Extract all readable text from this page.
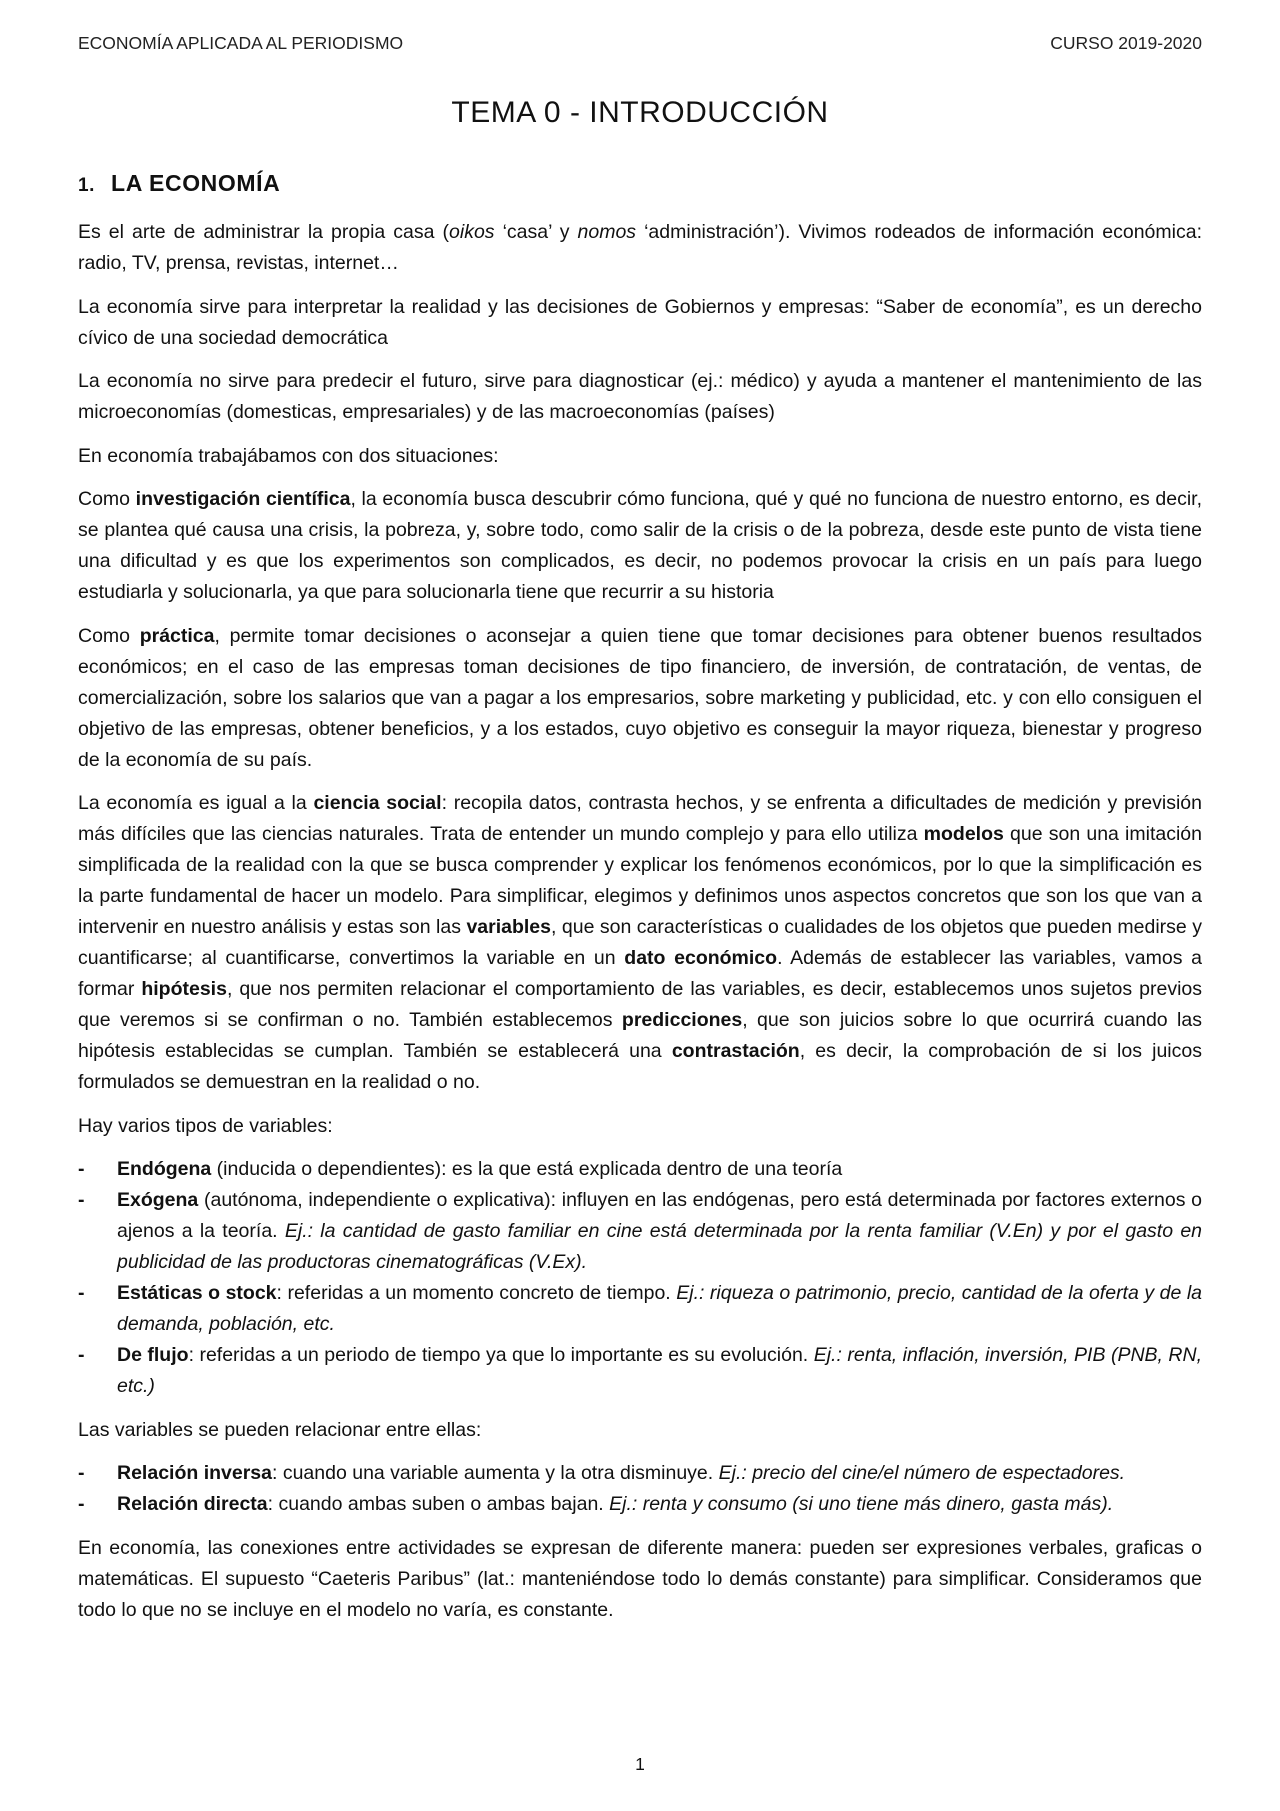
ECONOMÍA APLICADA AL PERIODISMO	CURSO 2019-2020
TEMA 0 - INTRODUCCIÓN
1. LA ECONOMÍA

Es el arte de administrar la propia casa (oikos ‘casa’ y nomos ‘administración’). Vivimos rodeados de información económica: radio, TV, prensa, revistas, internet…

La economía sirve para interpretar la realidad y las decisiones de Gobiernos y empresas: “Saber de economía”, es un derecho cívico de una sociedad democrática

La economía no sirve para predecir el futuro, sirve para diagnosticar (ej.: médico) y ayuda a mantener el mantenimiento de las microeconomías (domesticas, empresariales) y de las macroeconomías (países)

En economía trabajábamos con dos situaciones:

Como investigación científica, la economía busca descubrir cómo funciona, qué y qué no funciona de nuestro entorno, es decir, se plantea qué causa una crisis, la pobreza, y, sobre todo, como salir de la crisis o de la pobreza, desde este punto de vista tiene una dificultad y es que los experimentos son complicados, es decir, no podemos provocar la crisis en un país para luego estudiarla y solucionarla, ya que para solucionarla tiene que recurrir a su historia

Como práctica, permite tomar decisiones o aconsejar a quien tiene que tomar decisiones para obtener buenos resultados económicos; en el caso de las empresas toman decisiones de tipo financiero, de inversión, de contratación, de ventas, de comercialización, sobre los salarios que van a pagar a los empresarios, sobre marketing y publicidad, etc. y con ello consiguen el objetivo de las empresas, obtener beneficios, y a los estados, cuyo objetivo es conseguir la mayor riqueza, bienestar y progreso de la economía de su país.

La economía es igual a la ciencia social: recopila datos, contrasta hechos, y se enfrenta a dificultades de medición y previsión más difíciles que las ciencias naturales. Trata de entender un mundo complejo y para ello utiliza modelos que son una imitación simplificada de la realidad con la que se busca comprender y explicar los fenómenos económicos, por lo que la simplificación es la parte fundamental de hacer un modelo. Para simplificar, elegimos y definimos unos aspectos concretos que son los que van a intervenir en nuestro análisis y estas son las variables, que son características o cualidades de los objetos que pueden medirse y cuantificarse; al cuantificarse, convertimos la variable en un dato económico. Además de establecer las variables, vamos a formar hipótesis, que nos permiten relacionar el comportamiento de las variables, es decir, establecemos unos sujetos previos que veremos si se confirman o no. También establecemos predicciones, que son juicios sobre lo que ocurrirá cuando las hipótesis establecidas se cumplan. También se establecerá una contrastación, es decir, la comprobación de si los juicos formulados se demuestran en la realidad o no.

Hay varios tipos de variables:

- Endógena (inducida o dependientes): es la que está explicada dentro de una teoría
- Exógena (autónoma, independiente o explicativa): influyen en las endógenas, pero está determinada por factores externos o ajenos a la teoría. Ej.: la cantidad de gasto familiar en cine está determinada por la renta familiar (V.En) y por el gasto en publicidad de las productoras cinematográficas (V.Ex).
- Estáticas o stock: referidas a un momento concreto de tiempo. Ej.: riqueza o patrimonio, precio, cantidad de la oferta y de la demanda, población, etc.
- De flujo: referidas a un periodo de tiempo ya que lo importante es su evolución. Ej.: renta, inflación, inversión, PIB (PNB, RN, etc.)

Las variables se pueden relacionar entre ellas:

- Relación inversa: cuando una variable aumenta y la otra disminuye. Ej.: precio del cine/el número de espectadores.
- Relación directa: cuando ambas suben o ambas bajan. Ej.: renta y consumo (si uno tiene más dinero, gasta más).

En economía, las conexiones entre actividades se expresan de diferente manera: pueden ser expresiones verbales, graficas o matemáticas. El supuesto “Caeteris Paribus” (lat.: manteniéndose todo lo demás constante) para simplificar. Consideramos que todo lo que no se incluye en el modelo no varía, es constante.

1
